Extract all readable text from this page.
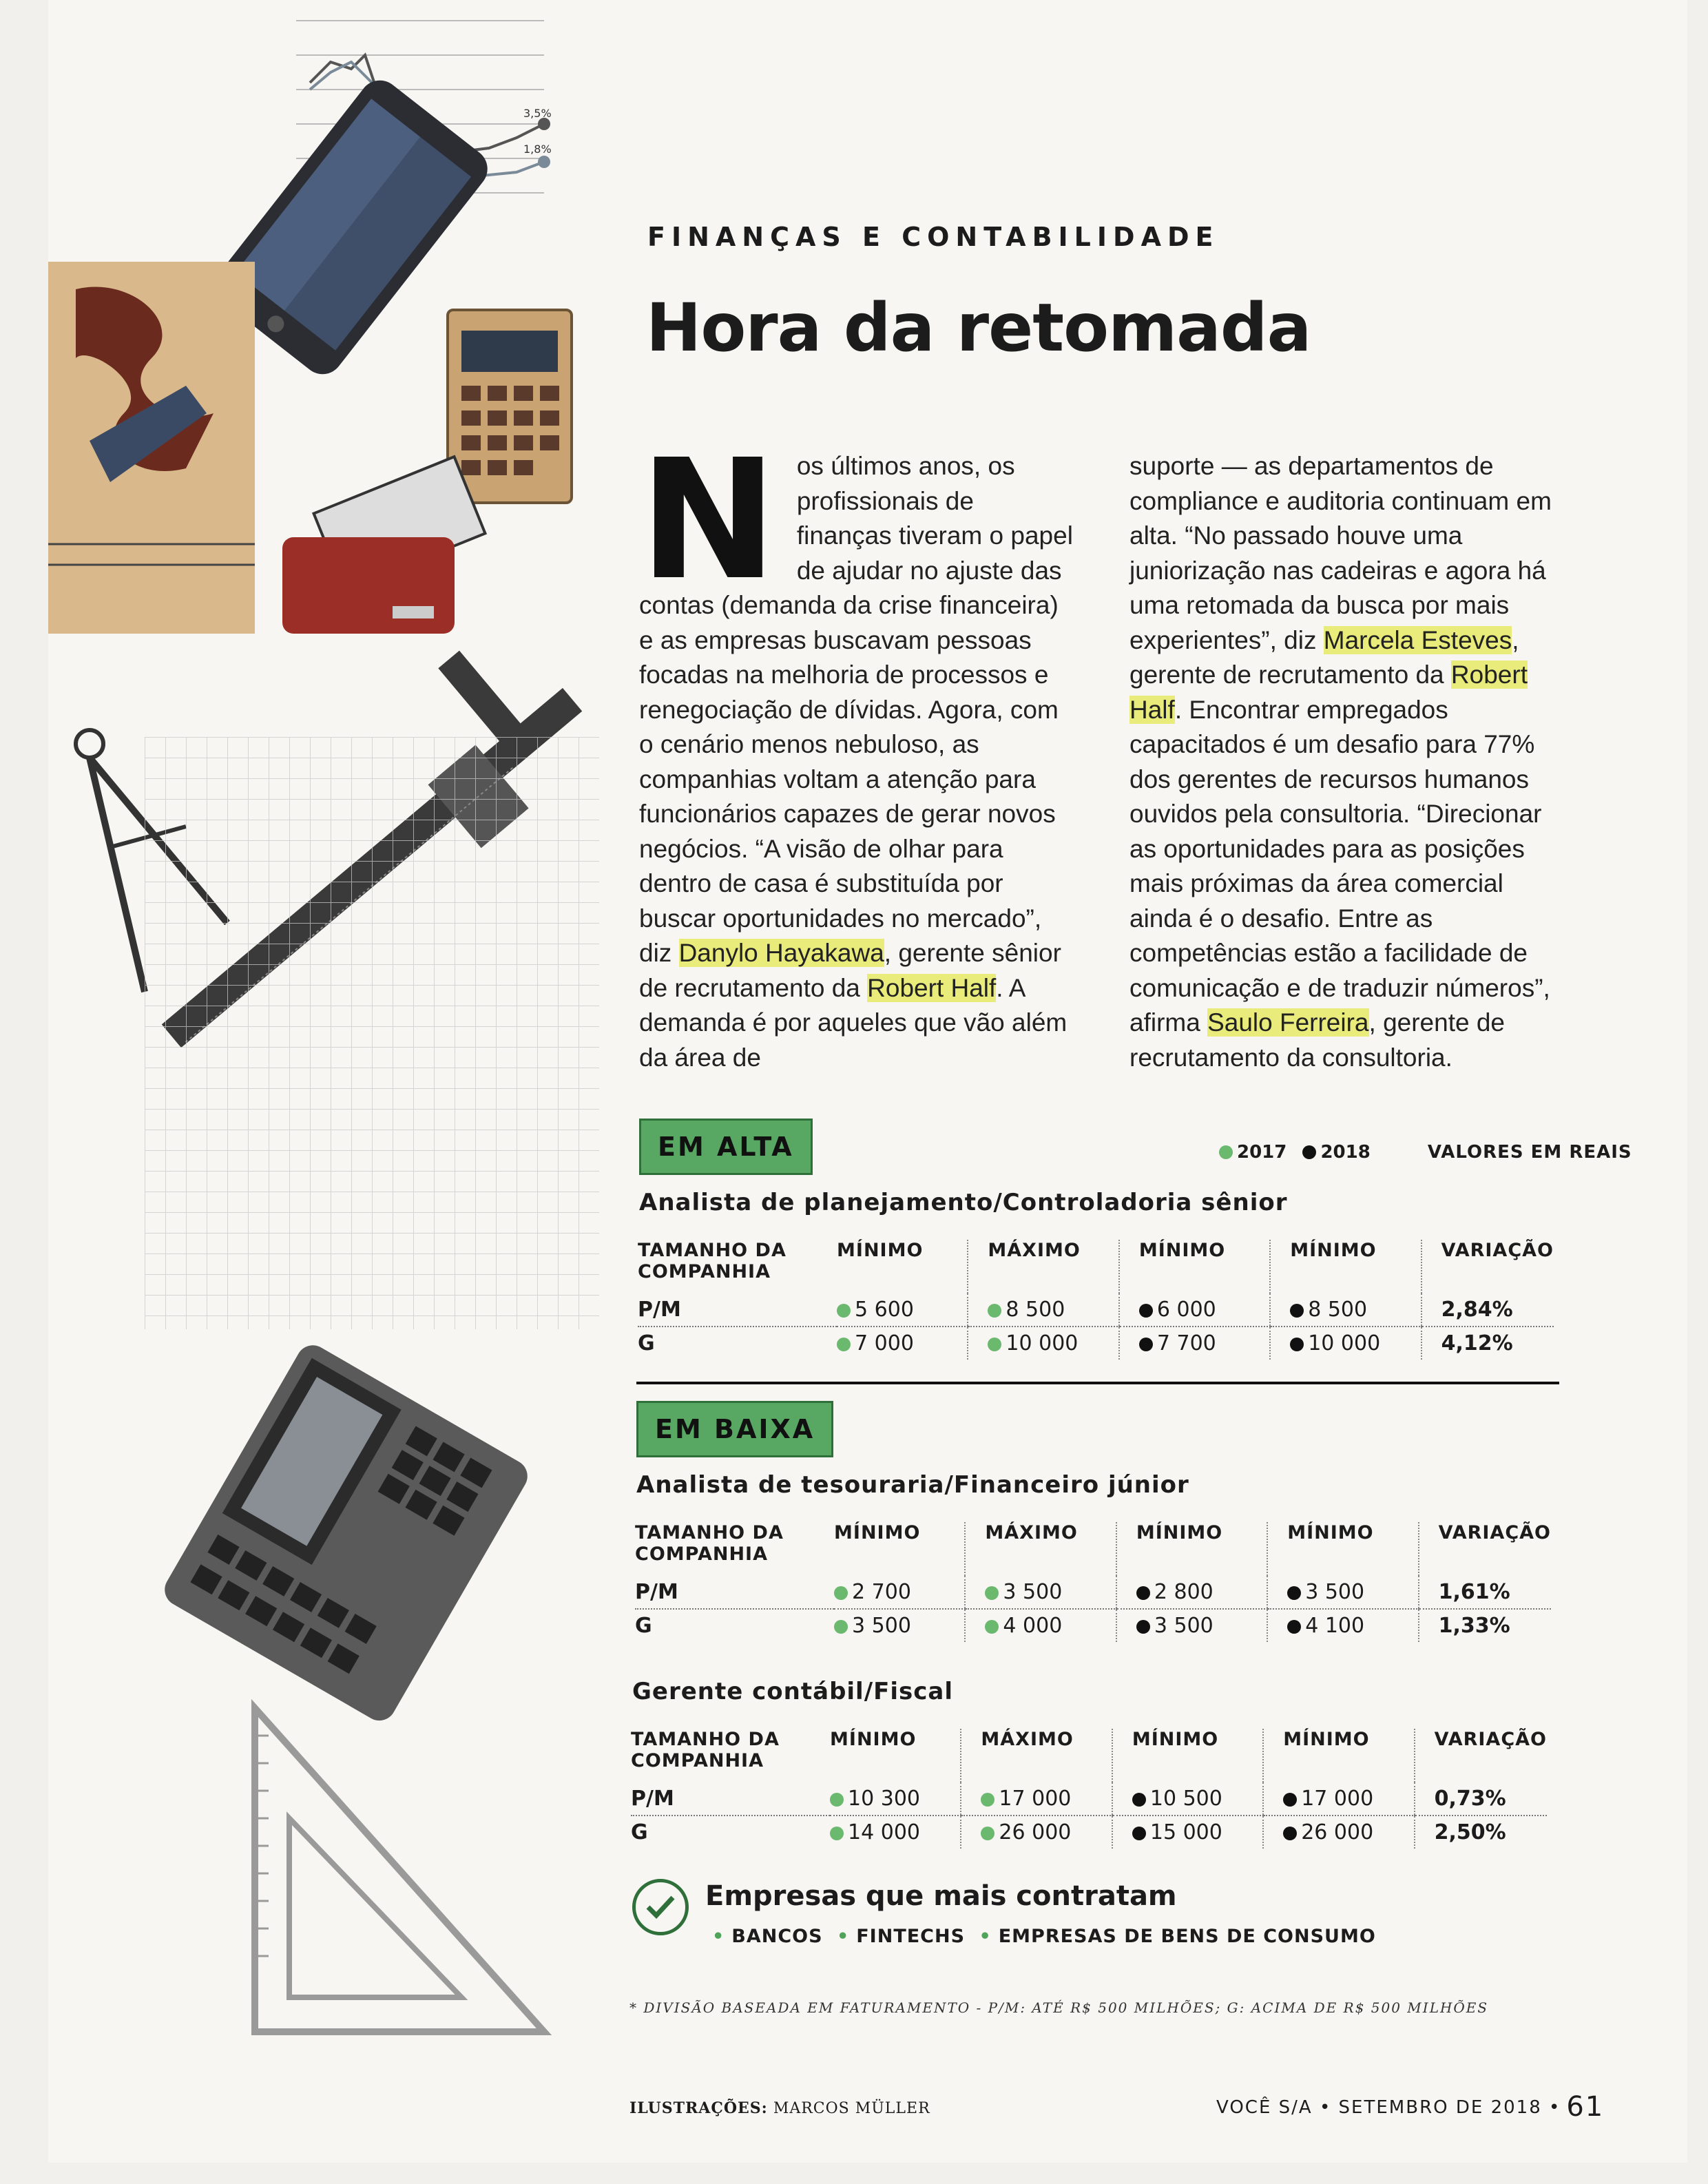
3,5%
1,8%
FINANÇAS E CONTABILIDADE
Hora da retomada
Nos últimos anos, os profissionais de finanças tiveram o papel de ajudar no ajuste das contas (demanda da crise financeira) e as empresas buscavam pessoas focadas na melhoria de processos e renegociação de dívidas. Agora, com o cenário menos nebuloso, as companhias voltam a atenção para funcionários capazes de gerar novos negócios. “A visão de olhar para dentro de casa é substituída por buscar oportunidades no mercado”, diz Danylo Hayakawa, gerente sênior de recrutamento da Robert Half. A demanda é por aqueles que vão além da área de
suporte — as departamentos de compliance e auditoria continuam em alta. “No passado houve uma juniorização nas cadeiras e agora há uma retomada da busca por mais experientes”, diz Marcela Esteves, gerente de recrutamento da Robert Half. Encontrar empregados capacitados é um desafio para 77% dos gerentes de recursos humanos ouvidos pela consultoria. “Direcionar as oportunidades para as posições mais próximas da área comercial ainda é o desafio. Entre as competências estão a facilidade de comunicação e de traduzir números”, afirma Saulo Ferreira, gerente de recrutamento da consultoria.
EM ALTA	2017 2018	VALORES EM REAIS
Analista de planejamento/Controladoria sênior
TAMANHO DA COMPANHIA	MÍNIMO	MÁXIMO	MÍNIMO	MÍNIMO	VARIAÇÃO
P/M	5 600	8 500	6 000	8 500	2,84%
G	7 000	10 000	7 700	10 000	4,12%
EM BAIXA
Analista de tesouraria/Financeiro júnior
TAMANHO DA COMPANHIA	MÍNIMO	MÁXIMO	MÍNIMO	MÍNIMO	VARIAÇÃO
P/M	2 700	3 500	2 800	3 500	1,61%
G	3 500	4 000	3 500	4 100	1,33%
Gerente contábil/Fiscal
TAMANHO DA COMPANHIA	MÍNIMO	MÁXIMO	MÍNIMO	MÍNIMO	VARIAÇÃO
P/M	10 300	17 000	10 500	17 000	0,73%
G	14 000	26 000	15 000	26 000	2,50%
Empresas que mais contratam
• BANCOS • FINTECHS • EMPRESAS DE BENS DE CONSUMO
* DIVISÃO BASEADA EM FATURAMENTO - P/M: ATÉ R$ 500 MILHÕES; G: ACIMA DE R$ 500 MILHÕES
ILUSTRAÇÕES: MARCOS MÜLLER	VOCÊ S/A • SETEMBRO DE 2018 • 61
